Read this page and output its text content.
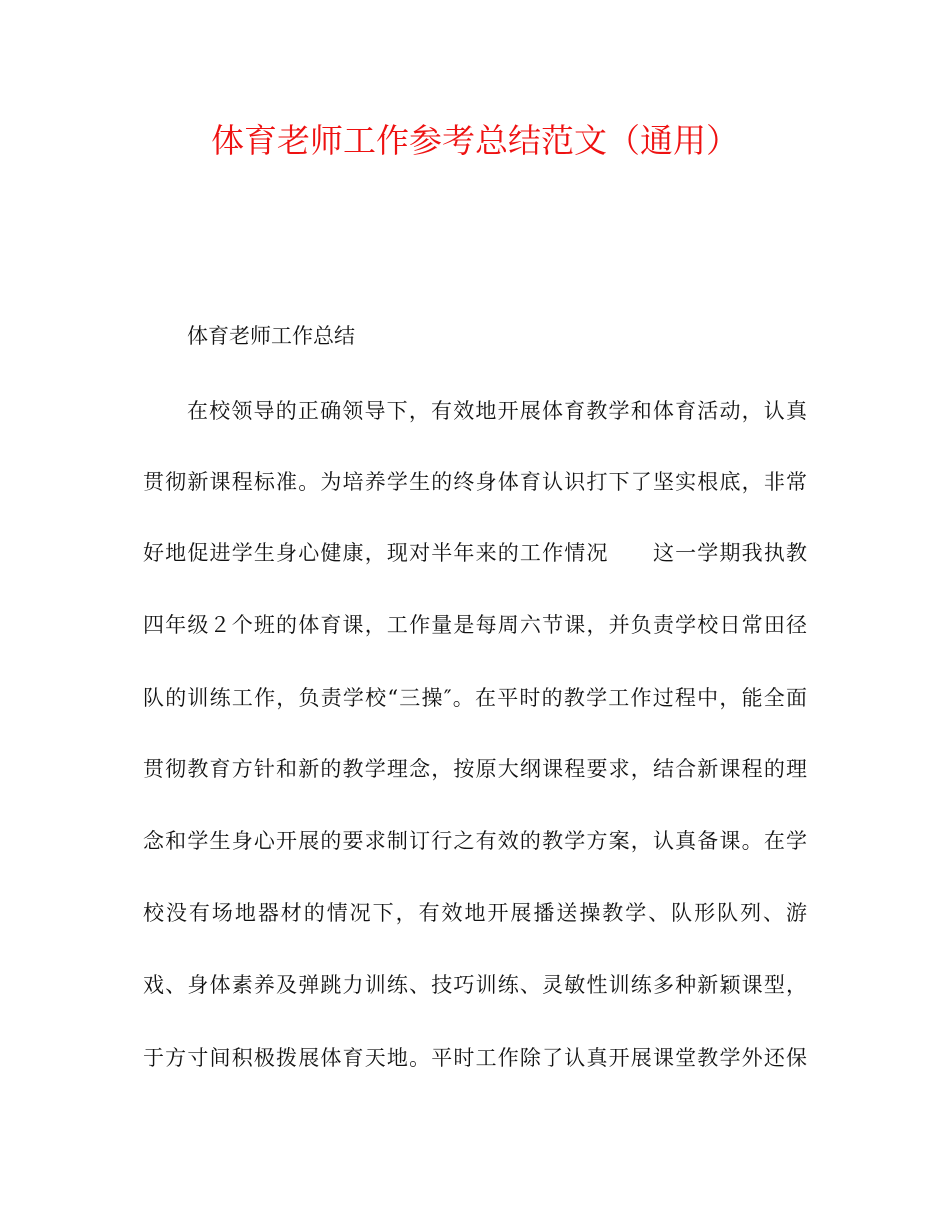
体育老师工作参考总结范文（通用）

体育老师工作总结

在校领导的正确领导下，有效地开展体育教学和体育活动，认真

贯彻新课程标准。为培养学生的终身体育认识打下了坚实根底，非常

好地促进学生身心健康，现对半年来的工作情况　　这一学期我执教

四年级２个班的体育课，工作量是每周六节课，并负责学校日常田径

队的训练工作，负责学校“三操″。在平时的教学工作过程中，能全面

贯彻教育方针和新的教学理念，按原大纲课程要求，结合新课程的理

念和学生身心开展的要求制订行之有效的教学方案，认真备课。在学

校没有场地器材的情况下，有效地开展播送操教学、队形队列、游

戏、身体素养及弹跳力训练、技巧训练、灵敏性训练多种新颖课型，

于方寸间积极拨展体育天地。平时工作除了认真开展课堂教学外还保
